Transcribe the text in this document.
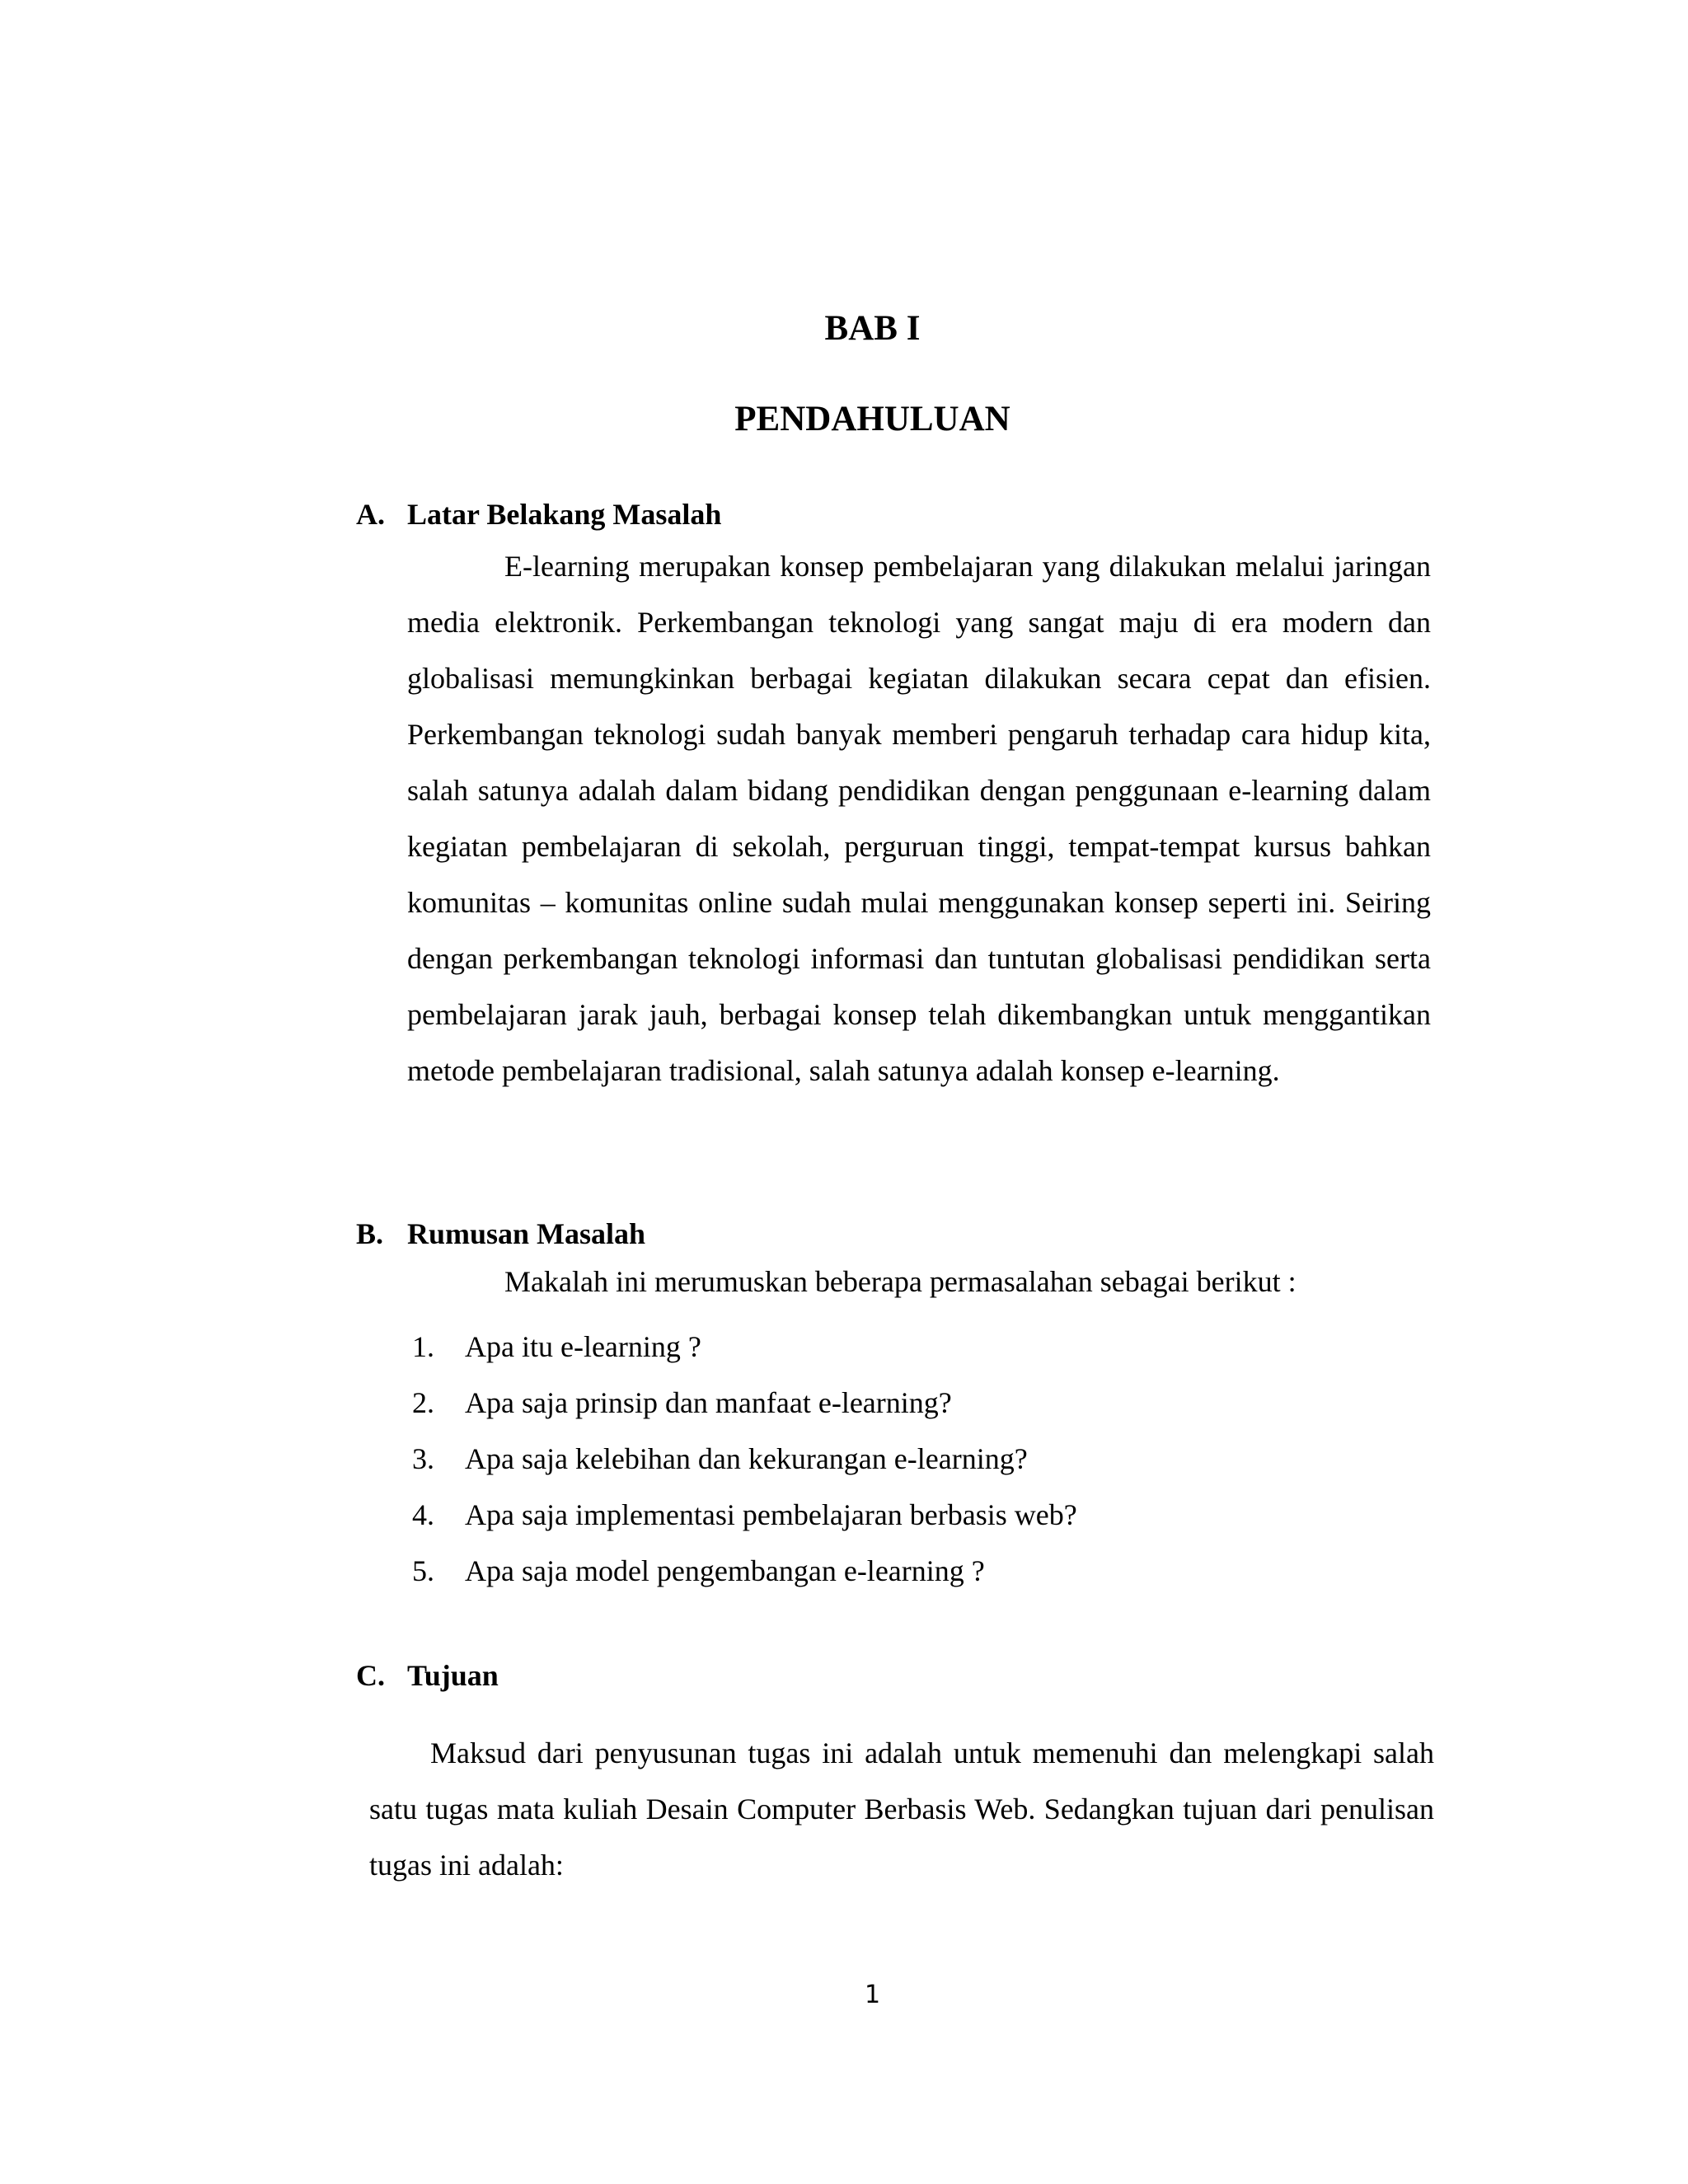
BAB I
PENDAHULUAN
A. Latar Belakang Masalah

E-learning merupakan konsep pembelajaran yang dilakukan melalui jaringan media elektronik. Perkembangan teknologi yang sangat maju di era modern dan globalisasi memungkinkan berbagai kegiatan dilakukan secara cepat dan efisien. Perkembangan teknologi sudah banyak memberi pengaruh terhadap cara hidup kita, salah satunya adalah dalam bidang pendidikan dengan penggunaan e-learning dalam kegiatan pembelajaran di sekolah, perguruan tinggi, tempat-tempat kursus bahkan komunitas – komunitas online sudah mulai menggunakan konsep seperti ini. Seiring dengan perkembangan teknologi informasi dan tuntutan globalisasi pendidikan serta pembelajaran jarak jauh, berbagai konsep telah dikembangkan untuk menggantikan metode pembelajaran tradisional, salah satunya adalah konsep e-learning.

B. Rumusan Masalah

Makalah ini merumuskan beberapa permasalahan sebagai berikut :

1. Apa itu e-learning ?
2. Apa saja prinsip dan manfaat e-learning?
3. Apa saja kelebihan dan kekurangan e-learning?
4. Apa saja implementasi pembelajaran berbasis web?
5. Apa saja model pengembangan e-learning ?
C. Tujuan

Maksud dari penyusunan tugas ini adalah untuk memenuhi dan melengkapi salah satu tugas mata kuliah Desain Computer Berbasis Web. Sedangkan tujuan dari penulisan tugas ini adalah:

1
